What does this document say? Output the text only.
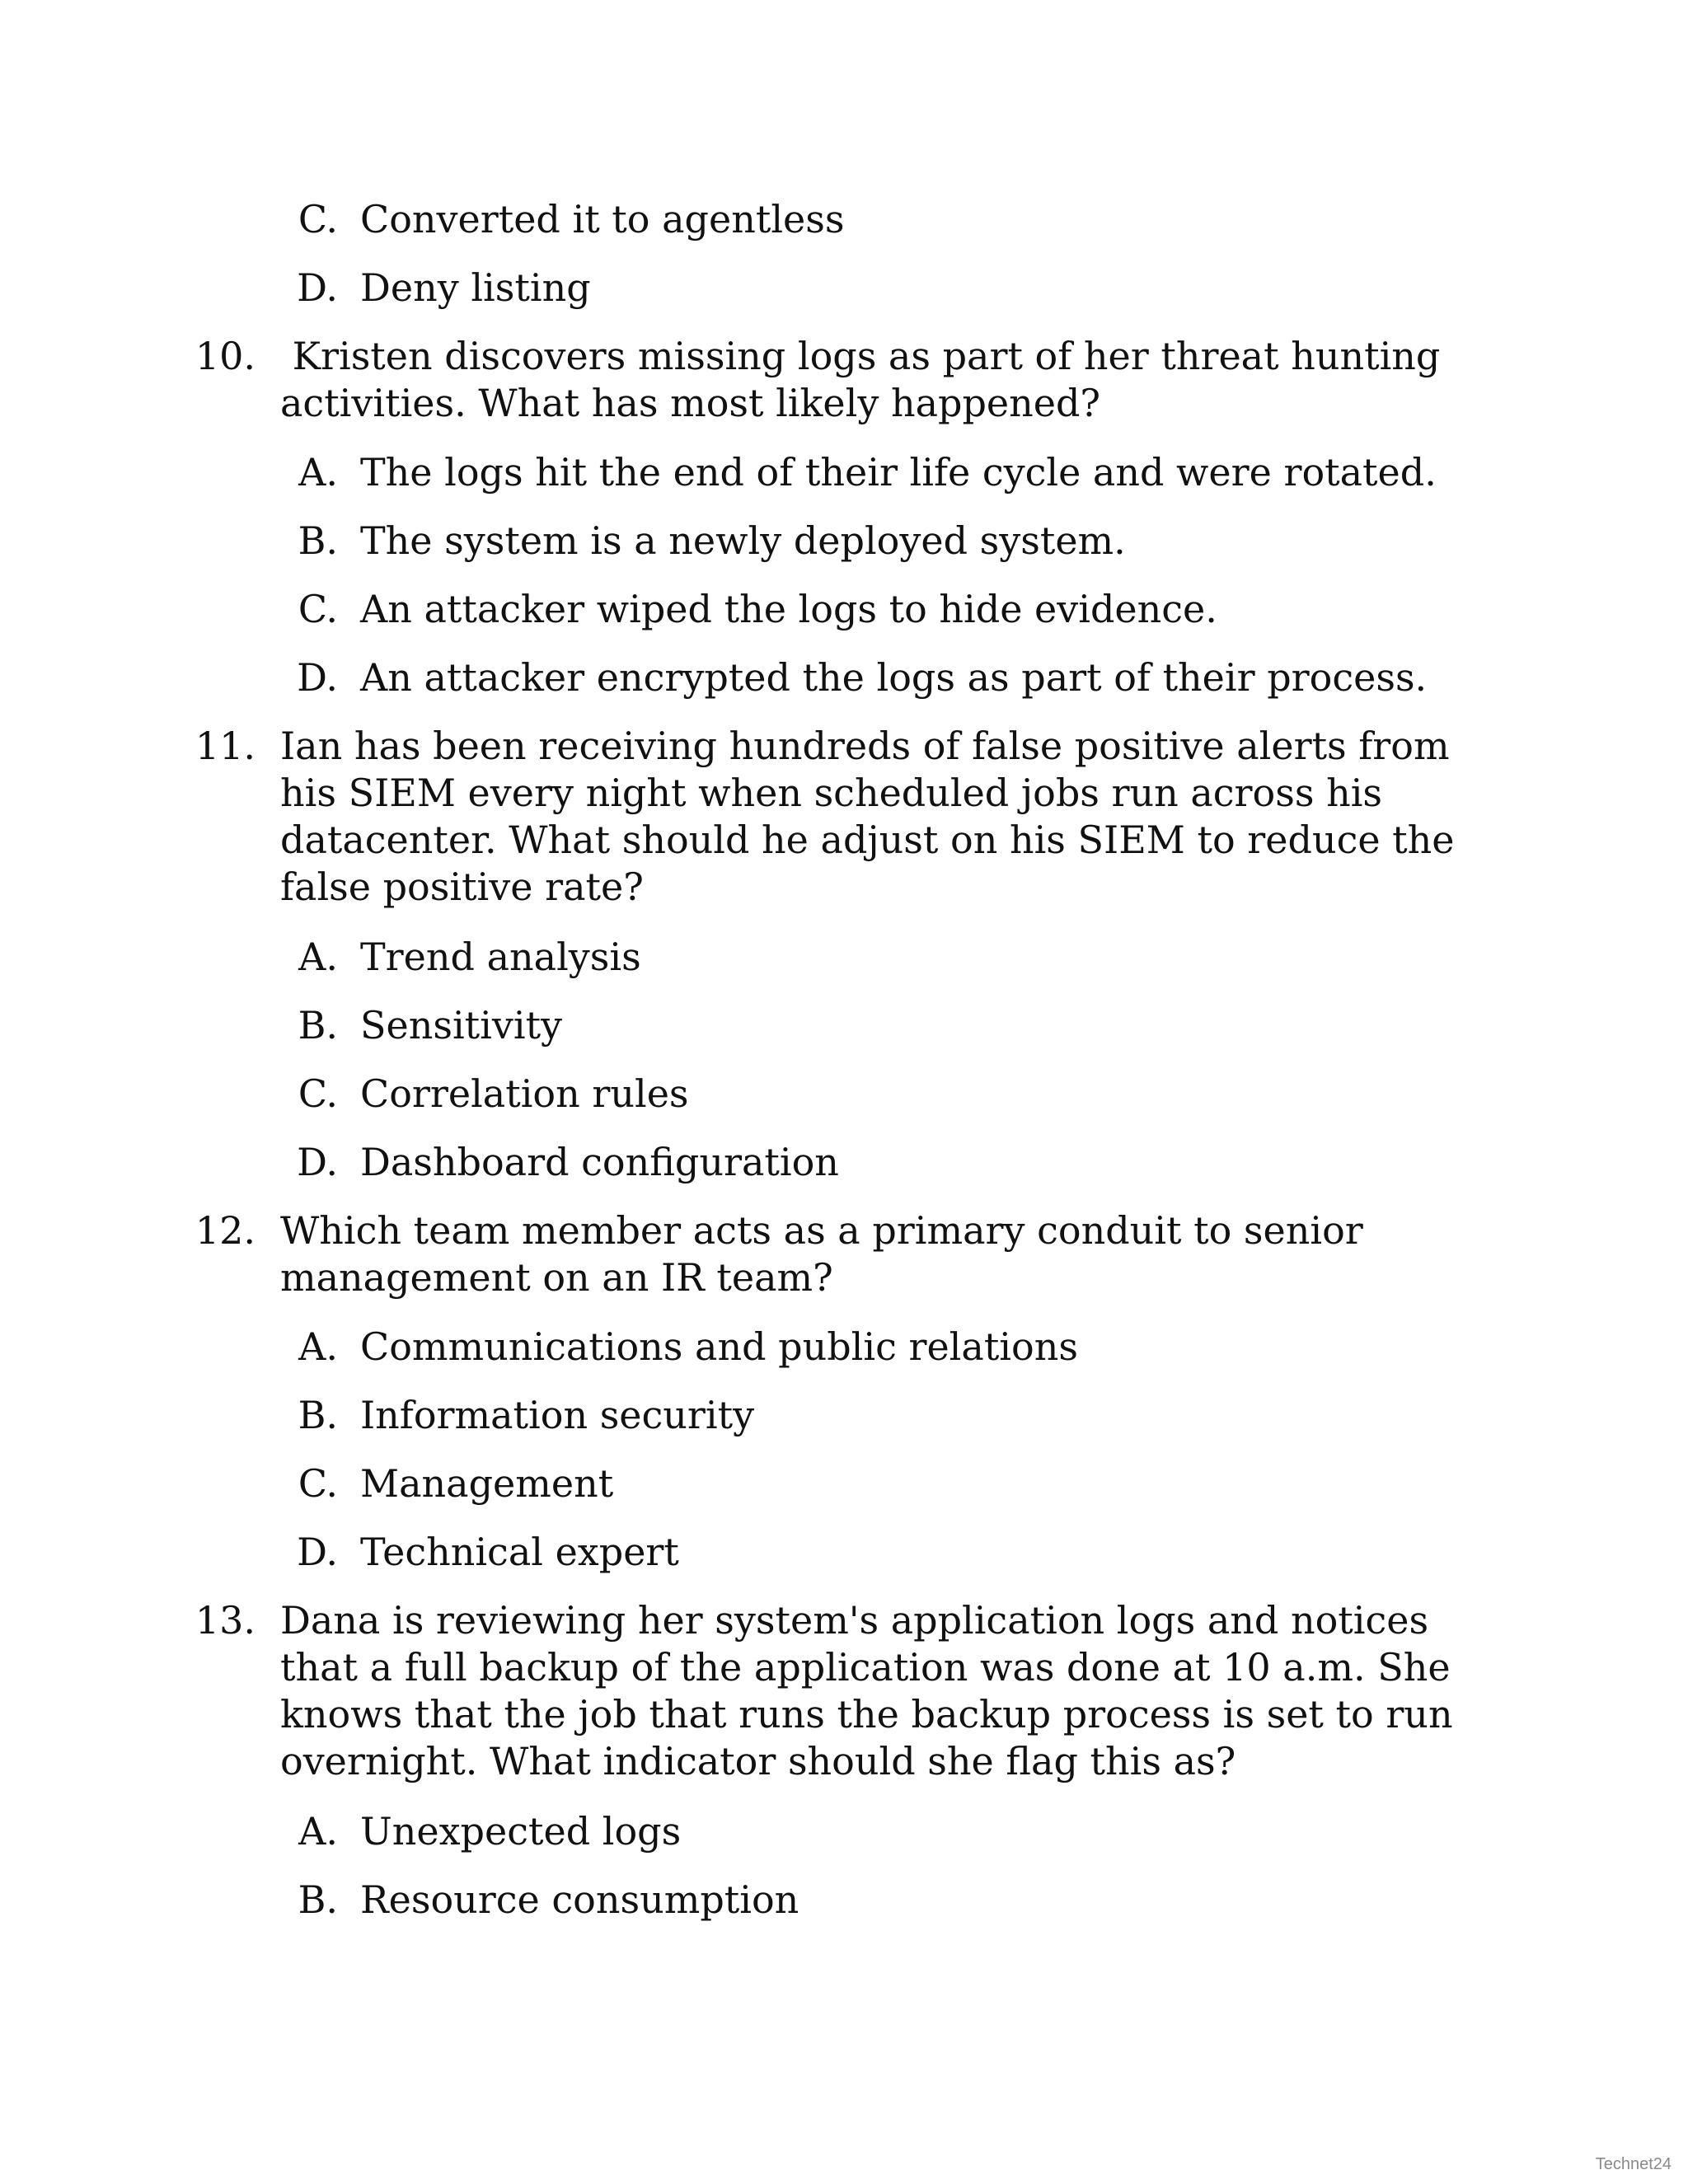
C. Converted it to agentless
D. Deny listing
10. Kristen discovers missing logs as part of her threat hunting activities. What has most likely happened?
A. The logs hit the end of their life cycle and were rotated.
B. The system is a newly deployed system.
C. An attacker wiped the logs to hide evidence.
D. An attacker encrypted the logs as part of their process.
11. Ian has been receiving hundreds of false positive alerts from his SIEM every night when scheduled jobs run across his datacenter. What should he adjust on his SIEM to reduce the false positive rate?
A. Trend analysis
B. Sensitivity
C. Correlation rules
D. Dashboard configuration
12. Which team member acts as a primary conduit to senior management on an IR team?
A. Communications and public relations
B. Information security
C. Management
D. Technical expert
13. Dana is reviewing her system's application logs and notices that a full backup of the application was done at 10 a.m. She knows that the job that runs the backup process is set to run overnight. What indicator should she flag this as?
A. Unexpected logs
B. Resource consumption
Technet24
